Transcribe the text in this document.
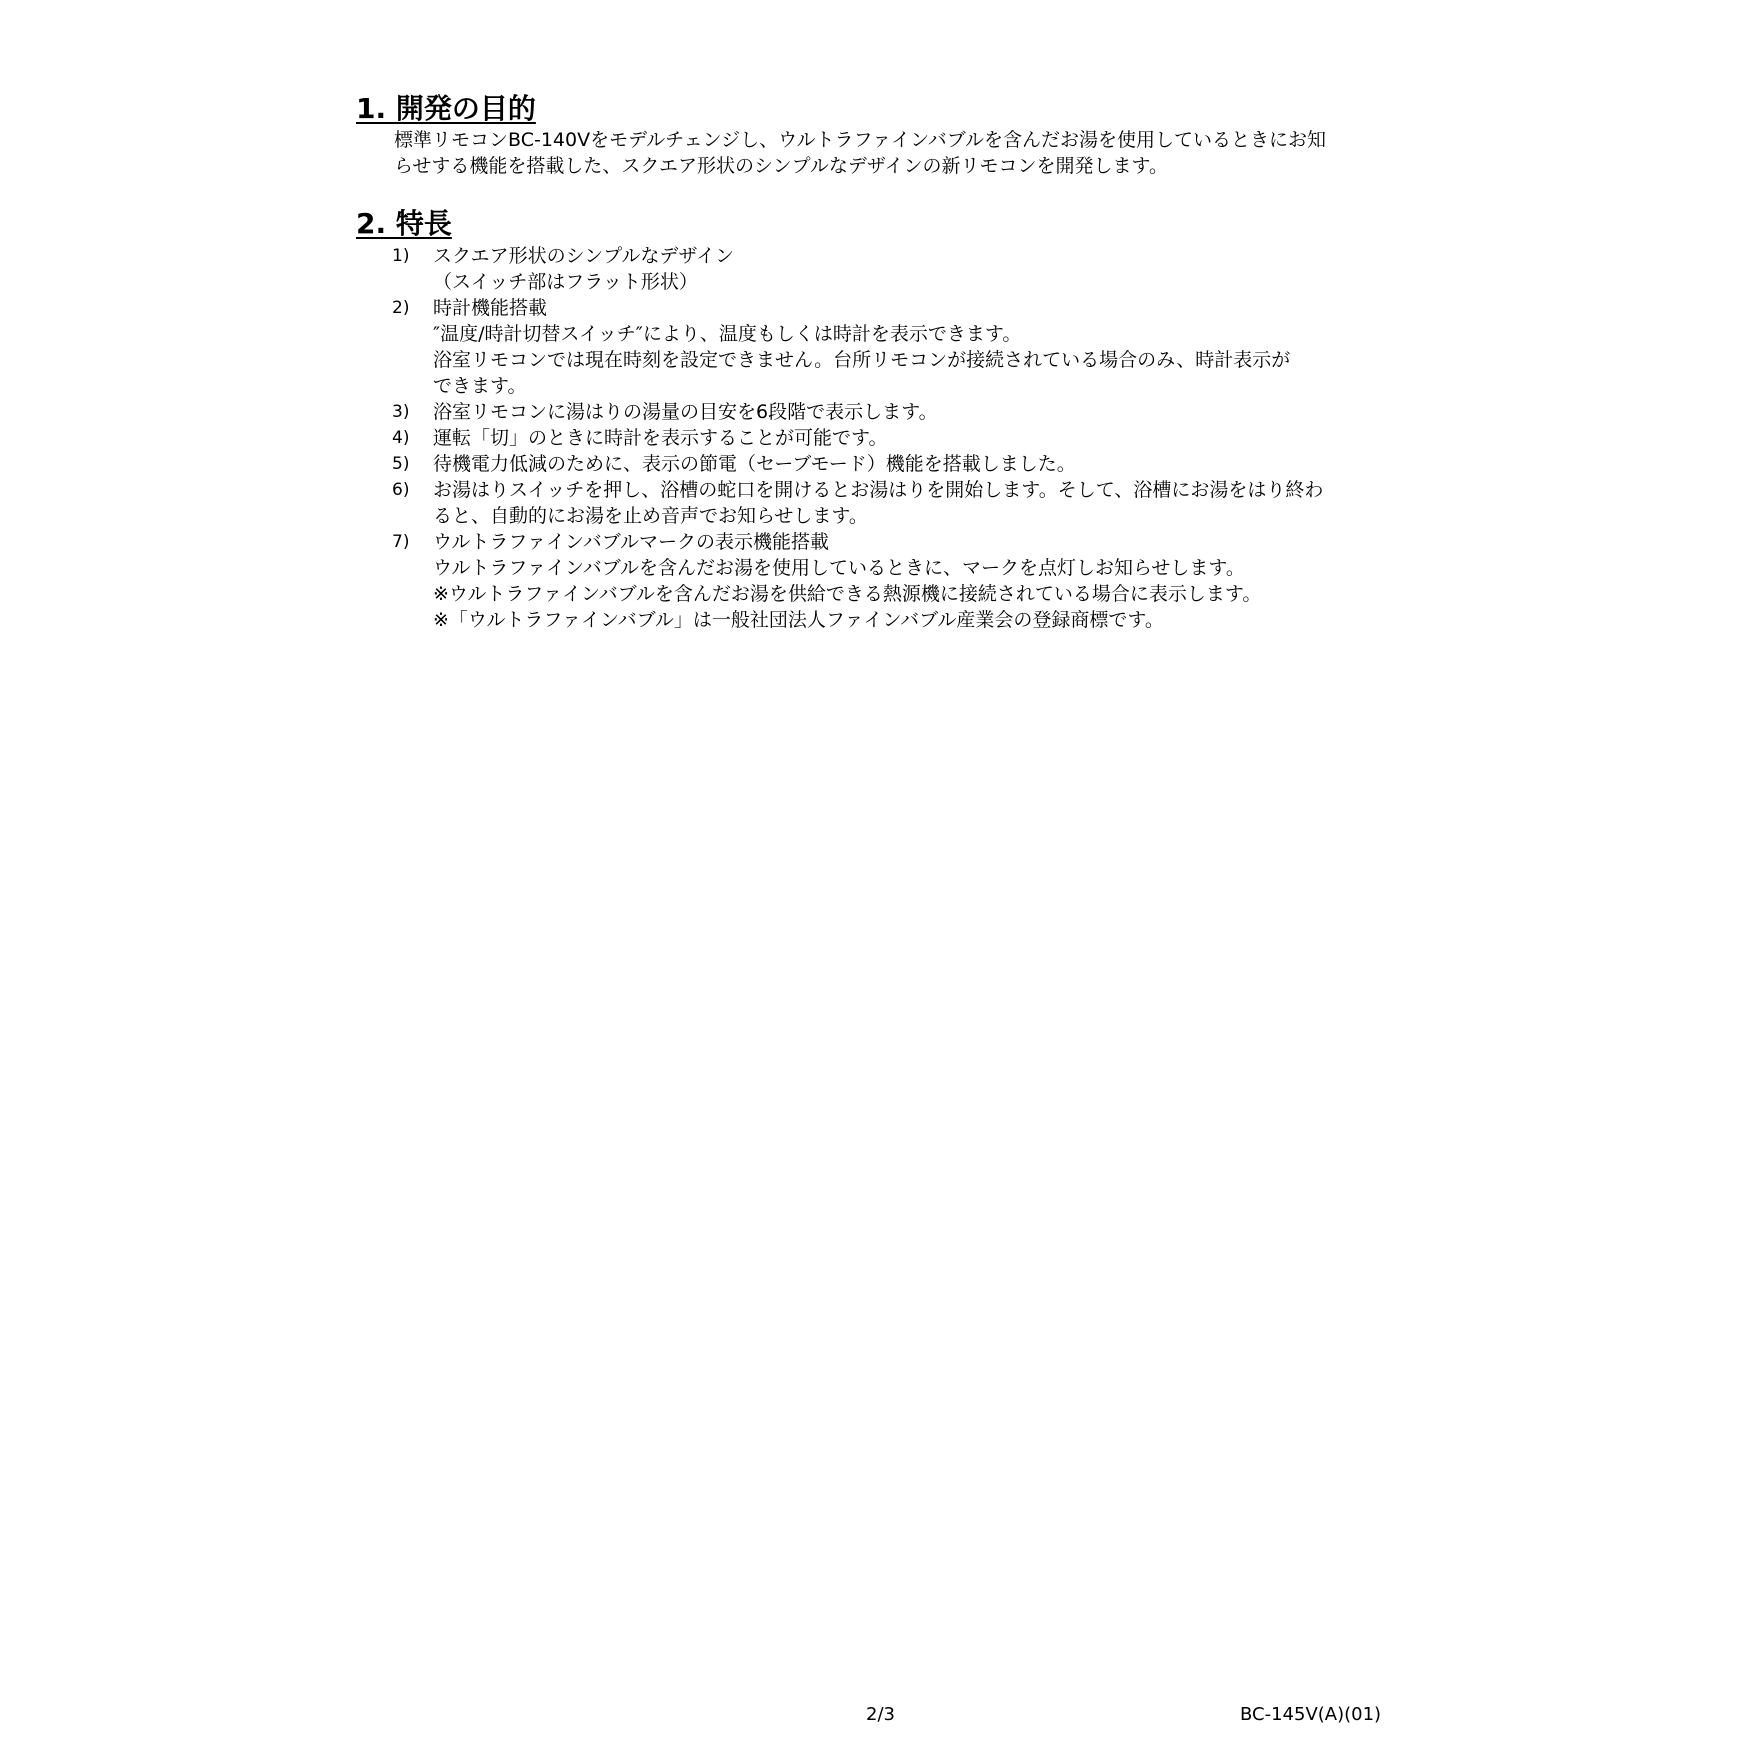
1. 開発の目的
標準リモコンBC-140Vをモデルチェンジし、ウルトラファインバブルを含んだお湯を使用しているときにお知
らせする機能を搭載した、スクエア形状のシンプルなデザインの新リモコンを開発します。
2. 特長
1)	スクエア形状のシンプルなデザイン
（スイッチ部はフラット形状）
2)	時計機能搭載
″温度/時計切替スイッチ″により、温度もしくは時計を表示できます。
浴室リモコンでは現在時刻を設定できません。台所リモコンが接続されている場合のみ、時計表示が
できます。
3)	浴室リモコンに湯はりの湯量の目安を6段階で表示します。
4)	運転「切」のときに時計を表示することが可能です。
5)	待機電力低減のために、表示の節電（セーブモード）機能を搭載しました。
6)	お湯はりスイッチを押し、浴槽の蛇口を開けるとお湯はりを開始します。そして、浴槽にお湯をはり終わ
ると、自動的にお湯を止め音声でお知らせします。
7)	ウルトラファインバブルマークの表示機能搭載
ウルトラファインバブルを含んだお湯を使用しているときに、マークを点灯しお知らせします。
※ウルトラファインバブルを含んだお湯を供給できる熱源機に接続されている場合に表示します。
※「ウルトラファインバブル」は一般社団法人ファインバブル産業会の登録商標です。
2/3	BC-145V(A)(01)
